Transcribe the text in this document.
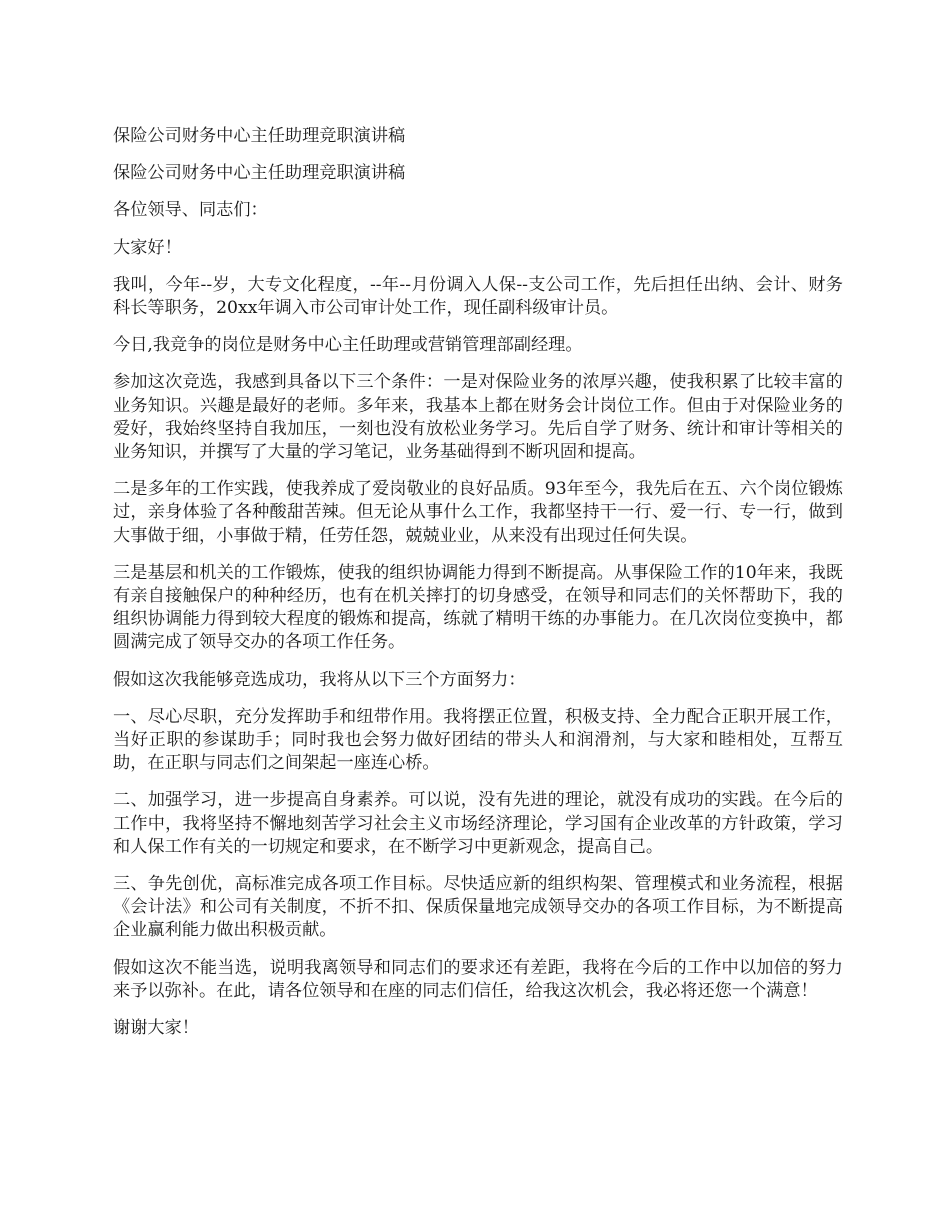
保险公司财务中心主任助理竞职演讲稿

保险公司财务中心主任助理竞职演讲稿

各位领导、同志们：

大家好！

我叫，今年--岁，大专文化程度，--年--月份调入人保--支公司工作，先后担任出纳、会计、财务科长等职务，20xx年调入市公司审计处工作，现任副科级审计员。

今日,我竞争的岗位是财务中心主任助理或营销管理部副经理。

参加这次竞选，我感到具备以下三个条件：一是对保险业务的浓厚兴趣，使我积累了比较丰富的业务知识。兴趣是最好的老师。多年来，我基本上都在财务会计岗位工作。但由于对保险业务的爱好，我始终坚持自我加压，一刻也没有放松业务学习。先后自学了财务、统计和审计等相关的业务知识，并撰写了大量的学习笔记，业务基础得到不断巩固和提高。

二是多年的工作实践，使我养成了爱岗敬业的良好品质。93年至今，我先后在五、六个岗位锻炼过，亲身体验了各种酸甜苦辣。但无论从事什么工作，我都坚持干一行、爱一行、专一行，做到大事做于细，小事做于精，任劳任怨，兢兢业业，从来没有出现过任何失误。

三是基层和机关的工作锻炼，使我的组织协调能力得到不断提高。从事保险工作的10年来，我既有亲自接触保户的种种经历，也有在机关摔打的切身感受，在领导和同志们的关怀帮助下，我的组织协调能力得到较大程度的锻炼和提高，练就了精明干练的办事能力。在几次岗位变换中，都圆满完成了领导交办的各项工作任务。

假如这次我能够竞选成功，我将从以下三个方面努力：

一、尽心尽职，充分发挥助手和纽带作用。我将摆正位置，积极支持、全力配合正职开展工作，当好正职的参谋助手；同时我也会努力做好团结的带头人和润滑剂，与大家和睦相处，互帮互助，在正职与同志们之间架起一座连心桥。

二、加强学习，进一步提高自身素养。可以说，没有先进的理论，就没有成功的实践。在今后的工作中，我将坚持不懈地刻苦学习社会主义市场经济理论，学习国有企业改革的方针政策，学习和人保工作有关的一切规定和要求，在不断学习中更新观念，提高自己。

三、争先创优，高标准完成各项工作目标。尽快适应新的组织构架、管理模式和业务流程，根据《会计法》和公司有关制度，不折不扣、保质保量地完成领导交办的各项工作目标，为不断提高企业赢利能力做出积极贡献。

假如这次不能当选，说明我离领导和同志们的要求还有差距，我将在今后的工作中以加倍的努力来予以弥补。在此，请各位领导和在座的同志们信任，给我这次机会，我必将还您一个满意！

谢谢大家！
